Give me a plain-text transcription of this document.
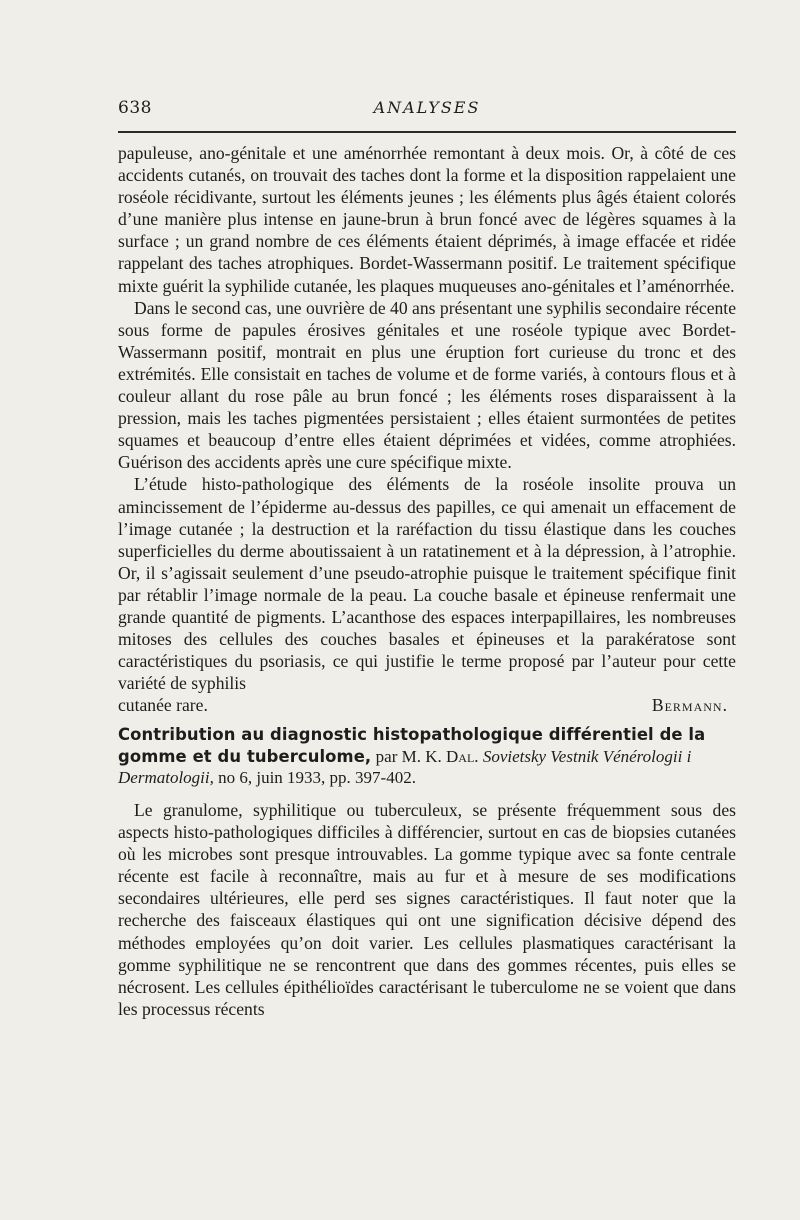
638	ANALYSES

papuleuse, ano-génitale et une aménorrhée remontant à deux mois. Or, à côté de ces accidents cutanés, on trouvait des taches dont la forme et la disposition rappelaient une roséole récidivante, surtout les éléments jeunes ; les éléments plus âgés étaient colorés d’une manière plus intense en jaune-brun à brun foncé avec de légères squames à la surface ; un grand nombre de ces éléments étaient déprimés, à image effacée et ridée rappelant des taches atrophiques. Bordet-Wassermann positif. Le traitement spécifique mixte guérit la syphilide cutanée, les plaques muqueuses ano-génitales et l’aménorrhée.

Dans le second cas, une ouvrière de 40 ans présentant une syphilis secondaire récente sous forme de papules érosives génitales et une roséole typique avec Bordet-Wassermann positif, montrait en plus une éruption fort curieuse du tronc et des extrémités. Elle consistait en taches de volume et de forme variés, à contours flous et à couleur allant du rose pâle au brun foncé ; les éléments roses disparaissent à la pression, mais les taches pigmentées persistaient ; elles étaient surmontées de petites squames et beaucoup d’entre elles étaient déprimées et vidées, comme atrophiées. Guérison des accidents après une cure spécifique mixte.

L’étude histo-pathologique des éléments de la roséole insolite prouva un amincissement de l’épiderme au-dessus des papilles, ce qui amenait un effacement de l’image cutanée ; la destruction et la raréfaction du tissu élastique dans les couches superficielles du derme aboutissaient à un ratatinement et à la dépression, à l’atrophie. Or, il s’agissait seulement d’une pseudo-atrophie puisque le traitement spécifique finit par rétablir l’image normale de la peau. La couche basale et épineuse renfermait une grande quantité de pigments. L’acanthose des espaces interpapillaires, les nombreuses mitoses des cellules des couches basales et épineuses et la parakératose sont caractéristiques du psoriasis, ce qui justifie le terme proposé par l’auteur pour cette variété de syphilis

cutanée rare.	Bermann.

Contribution au diagnostic histopathologique différentiel de la gomme et du tuberculome, par M. K. Dal. Sovietsky Vestnik Vénérologii i Dermatologii, no 6, juin 1933, pp. 397-402.

Le granulome, syphilitique ou tuberculeux, se présente fréquemment sous des aspects histo-pathologiques difficiles à différencier, surtout en cas de biopsies cutanées où les microbes sont presque introuvables. La gomme typique avec sa fonte centrale récente est facile à reconnaître, mais au fur et à mesure de ses modifications secondaires ultérieures, elle perd ses signes caractéristiques. Il faut noter que la recherche des faisceaux élastiques qui ont une signification décisive dépend des méthodes employées qu’on doit varier. Les cellules plasmatiques caractérisant la gomme syphilitique ne se rencontrent que dans des gommes récentes, puis elles se nécrosent. Les cellules épithélioïdes caractérisant le tuberculome ne se voient que dans les processus récents
